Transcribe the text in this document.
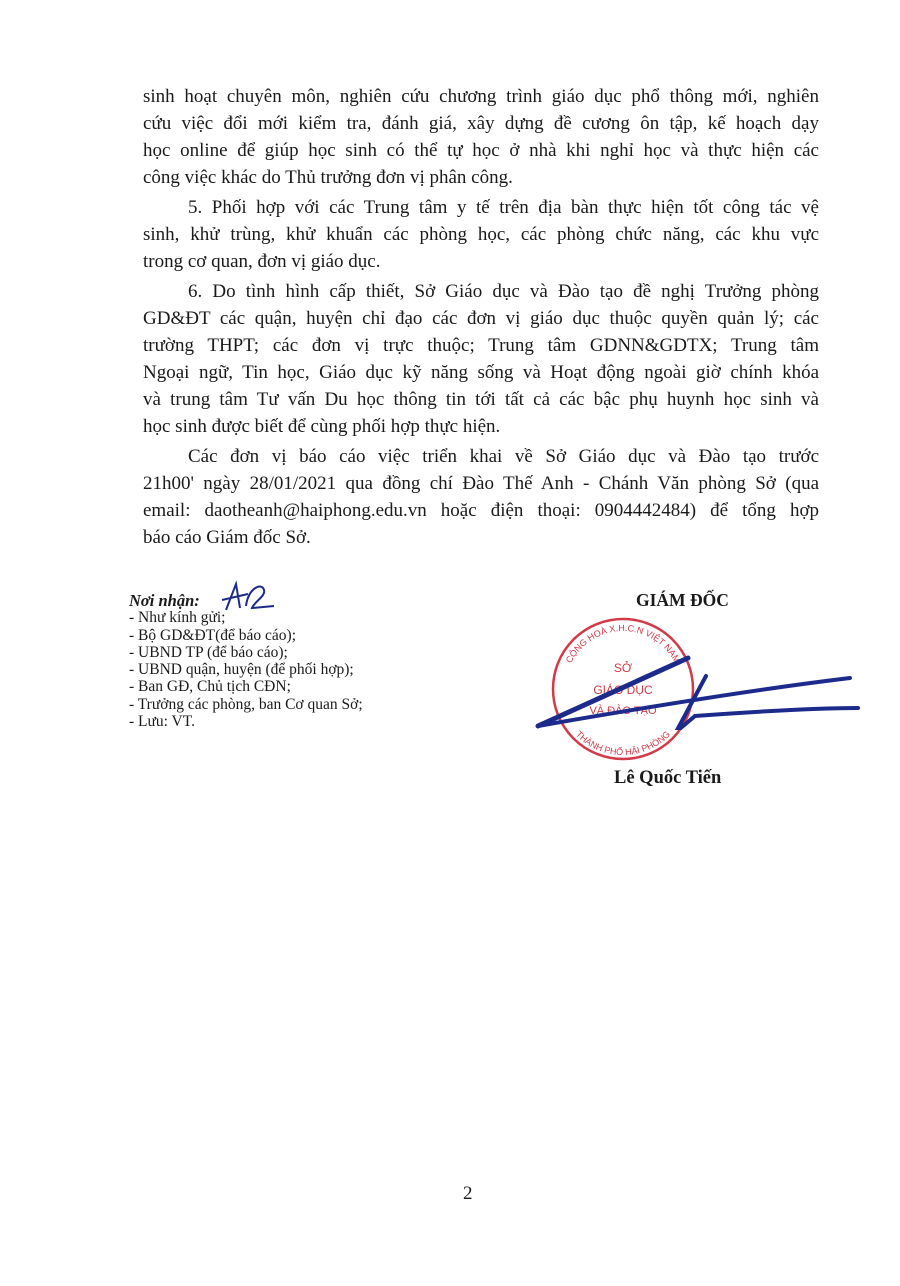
sinh hoạt chuyên môn, nghiên cứu chương trình giáo dục phổ thông mới, nghiên
cứu việc đổi mới kiểm tra, đánh giá, xây dựng đề cương ôn tập, kế hoạch dạy
học online để giúp học sinh có thể tự học ở nhà khi nghỉ học và thực hiện các
công việc khác do Thủ trưởng đơn vị phân công.
5. Phối hợp với các Trung tâm y tế trên địa bàn thực hiện tốt công tác vệ
sinh, khử trùng, khử khuẩn các phòng học, các phòng chức năng, các khu vực
trong cơ quan, đơn vị giáo dục.
6. Do tình hình cấp thiết, Sở Giáo dục và Đào tạo đề nghị Trưởng phòng
GD&ĐT các quận, huyện chỉ đạo các đơn vị giáo dục thuộc quyền quản lý; các
trường THPT; các đơn vị trực thuộc; Trung tâm GDNN&GDTX; Trung tâm
Ngoại ngữ, Tin học, Giáo dục kỹ năng sống và Hoạt động ngoài giờ chính khóa
và trung tâm Tư vấn Du học thông tin tới tất cả các bậc phụ huynh học sinh và
học sinh được biết để cùng phối hợp thực hiện.
Các đơn vị báo cáo việc triển khai về Sở Giáo dục và Đào tạo trước
21h00' ngày 28/01/2021 qua đồng chí Đào Thế Anh - Chánh Văn phòng Sở (qua
email: daotheanh@haiphong.edu.vn hoặc điện thoại: 0904442484) để tổng hợp
báo cáo Giám đốc Sở.
Nơi nhận:
- Như kính gửi;
- Bộ GD&ĐT(để báo cáo);
- UBND TP (để báo cáo);
- UBND quận, huyện (để phối hợp);
- Ban GĐ, Chủ tịch CĐN;
- Trưởng các phòng, ban Cơ quan Sở;
- Lưu: VT.
CỘNG HOÀ X.H.C.N VIỆT NAM
THÀNH PHỐ HẢI PHÒNG
SỞ
GIÁO DỤC
VÀ ĐÀO TẠO
GIÁM ĐỐC
Lê Quốc Tiến
2
